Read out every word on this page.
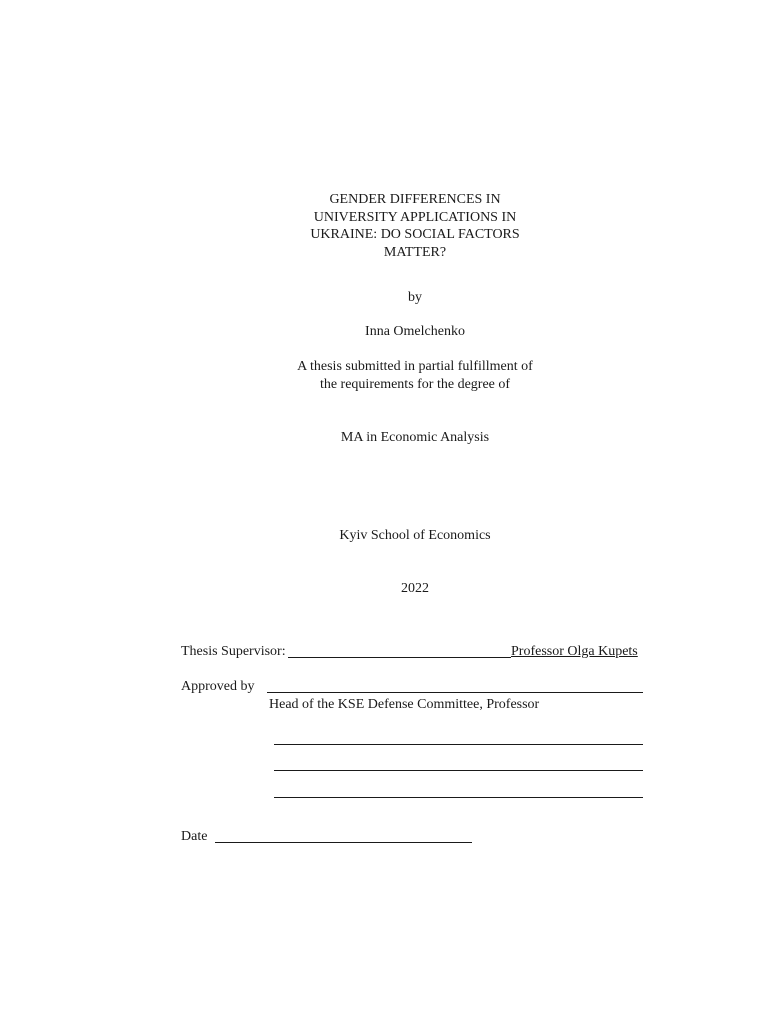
GENDER DIFFERENCES IN
UNIVERSITY APPLICATIONS IN
UKRAINE: DO SOCIAL FACTORS
MATTER?
by
Inna Omelchenko
A thesis submitted in partial fulfillment of
the requirements for the degree of
MA in Economic Analysis
Kyiv School of Economics
2022
Thesis Supervisor:	Professor Olga Kupets
Approved by
Head of the KSE Defense Committee, Professor
Date
